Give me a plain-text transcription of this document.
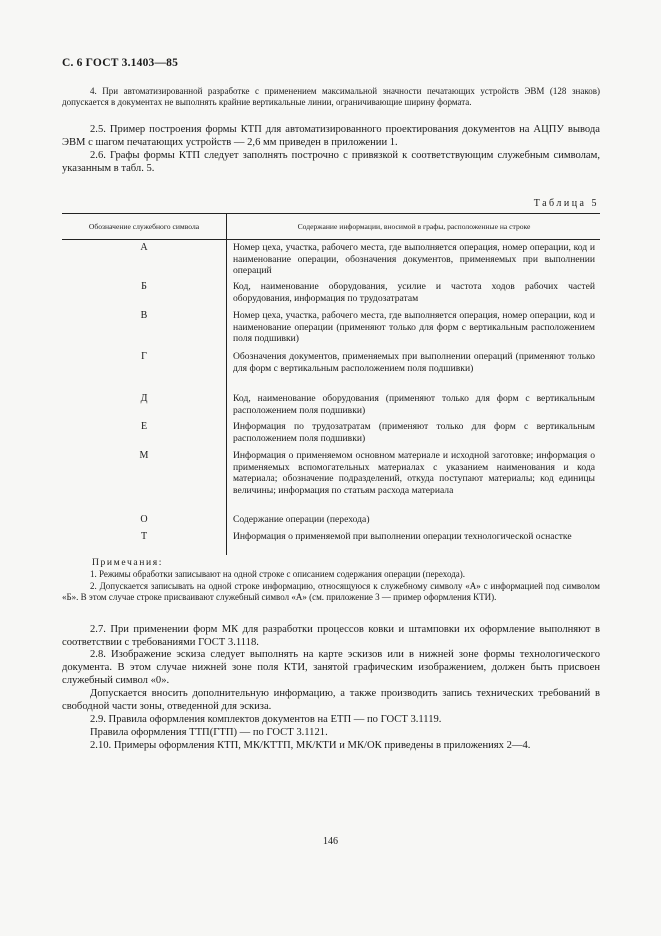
С. 6 ГОСТ 3.1403—85
4. При автоматизированной разработке с применением максимальной значности печатающих устройств ЭВМ (128 знаков) допускается в документах не выполнять крайние вертикальные линии, ограничивающие ширину формата.
2.5. Пример построения формы КТП для автоматизированного проектирования документов на АЦПУ вывода ЭВМ с шагом печатающих устройств — 2,6 мм приведен в приложении 1.
2.6. Графы формы КТП следует заполнять построчно с привязкой к соответствующим служебным символам, указанным в табл. 5.
Таблица 5
Обозначение служебного символа	Содержание информации, вносимой в графы, расположенные на строке
А	Номер цеха, участка, рабочего места, где выполняется операция, номер операции, код и наименование операции, обозначения документов, применяемых при выполнении операций
Б	Код, наименование оборудования, усилие и частота ходов рабочих частей оборудования, информация по трудозатратам
В	Номер цеха, участка, рабочего места, где выполняется операция, номер операции, код и наименование операции (применяют только для форм с вертикальным расположением поля подшивки)
Г	Обозначения документов, применяемых при выполнении операций (применяют только для форм с вертикальным расположением поля подшивки)
Д	Код, наименование оборудования (применяют только для форм с вертикальным расположением поля подшивки)
Е	Информация по трудозатратам (применяют только для форм с вертикальным расположением поля подшивки)
М	Информация о применяемом основном материале и исходной заготовке; информация о применяемых вспомогательных материалах с указанием наименования и кода материала; обозначение подразделений, откуда поступают материалы; код единицы величины; информация по статьям расхода материала
О	Содержание операции (перехода)
Т	Информация о применяемой при выполнении операции технологической оснастке
Примечания:
1. Режимы обработки записывают на одной строке с описанием содержания операции (перехода).
2. Допускается записывать на одной строке информацию, относящуюся к служебному символу «А» с информацией под символом «Б». В этом случае строке присваивают служебный символ «А» (см. приложение 3 — пример оформления КТИ).
2.7. При применении форм МК для разработки процессов ковки и штамповки их оформление выполняют в соответствии с требованиями ГОСТ 3.1118.
2.8. Изображение эскиза следует выполнять на карте эскизов или в нижней зоне формы технологического документа. В этом случае нижней зоне поля КТИ, занятой графическим изображением, должен быть присвоен служебный символ «0».
Допускается вносить дополнительную информацию, а также производить запись технических требований в свободной части зоны, отведенной для эскиза.
2.9. Правила оформления комплектов документов на ЕТП — по ГОСТ 3.1119.
Правила оформления ТТП(ГТП) — по ГОСТ 3.1121.
2.10. Примеры оформления КТП, МК/КТТП, МК/КТИ и МК/ОК приведены в приложениях 2—4.
146
